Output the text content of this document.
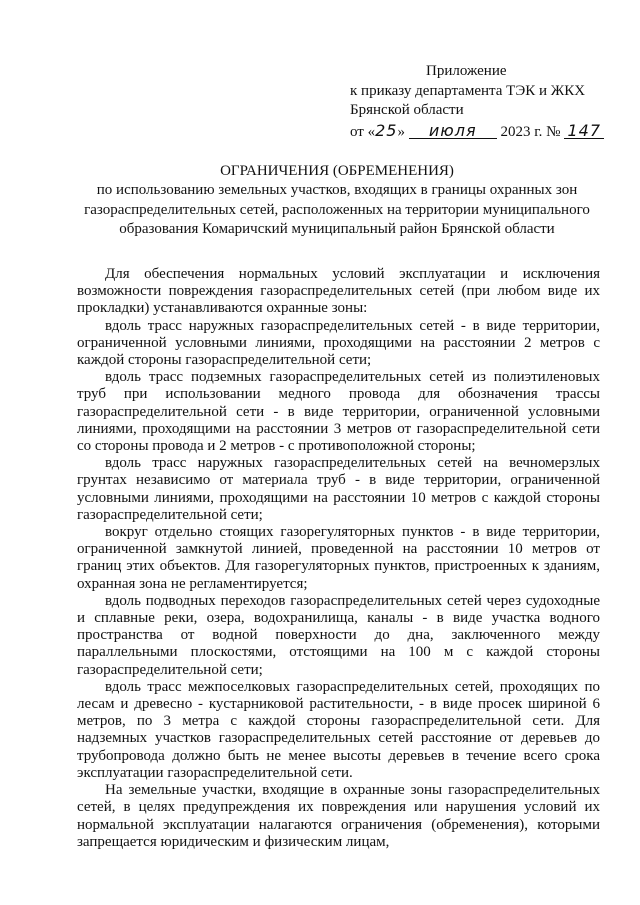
Приложение
к приказу департамента ТЭК и ЖКХ
Брянской области
от «25» июля 2023 г. № 147
ОГРАНИЧЕНИЯ (ОБРЕМЕНЕНИЯ)
по использованию земельных участков, входящих в границы охранных зон газораспределительных сетей, расположенных на территории муниципального образования Комаричский муниципальный район Брянской области

Для обеспечения нормальных условий эксплуатации и исключения возможности повреждения газораспределительных сетей (при любом виде их прокладки) устанавливаются охранные зоны:

вдоль трасс наружных газораспределительных сетей - в виде территории, ограниченной условными линиями, проходящими на расстоянии 2 метров с каждой стороны газораспределительной сети;

вдоль трасс подземных газораспределительных сетей из полиэтиленовых труб при использовании медного провода для обозначения трассы газораспределительной сети - в виде территории, ограниченной условными линиями, проходящими на расстоянии 3 метров от газораспределительной сети со стороны провода и 2 метров - с противоположной стороны;

вдоль трасс наружных газораспределительных сетей на вечномерзлых грунтах независимо от материала труб - в виде территории, ограниченной условными линиями, проходящими на расстоянии 10 метров с каждой стороны газораспределительной сети;

вокруг отдельно стоящих газорегуляторных пунктов - в виде территории, ограниченной замкнутой линией, проведенной на расстоянии 10 метров от границ этих объектов. Для газорегуляторных пунктов, пристроенных к зданиям, охранная зона не регламентируется;

вдоль подводных переходов газораспределительных сетей через судоходные и сплавные реки, озера, водохранилища, каналы - в виде участка водного пространства от водной поверхности до дна, заключенного между параллельными плоскостями, отстоящими на 100 м с каждой стороны газораспределительной сети;

вдоль трасс межпоселковых газораспределительных сетей, проходящих по лесам и древесно - кустарниковой растительности, - в виде просек шириной 6 метров, по 3 метра с каждой стороны газораспределительной сети. Для надземных участков газораспределительных сетей расстояние от деревьев до трубопровода должно быть не менее высоты деревьев в течение всего срока эксплуатации газораспределительной сети.

На земельные участки, входящие в охранные зоны газораспределительных сетей, в целях предупреждения их повреждения или нарушения условий их нормальной эксплуатации налагаются ограничения (обременения), которыми запрещается юридическим и физическим лицам,
